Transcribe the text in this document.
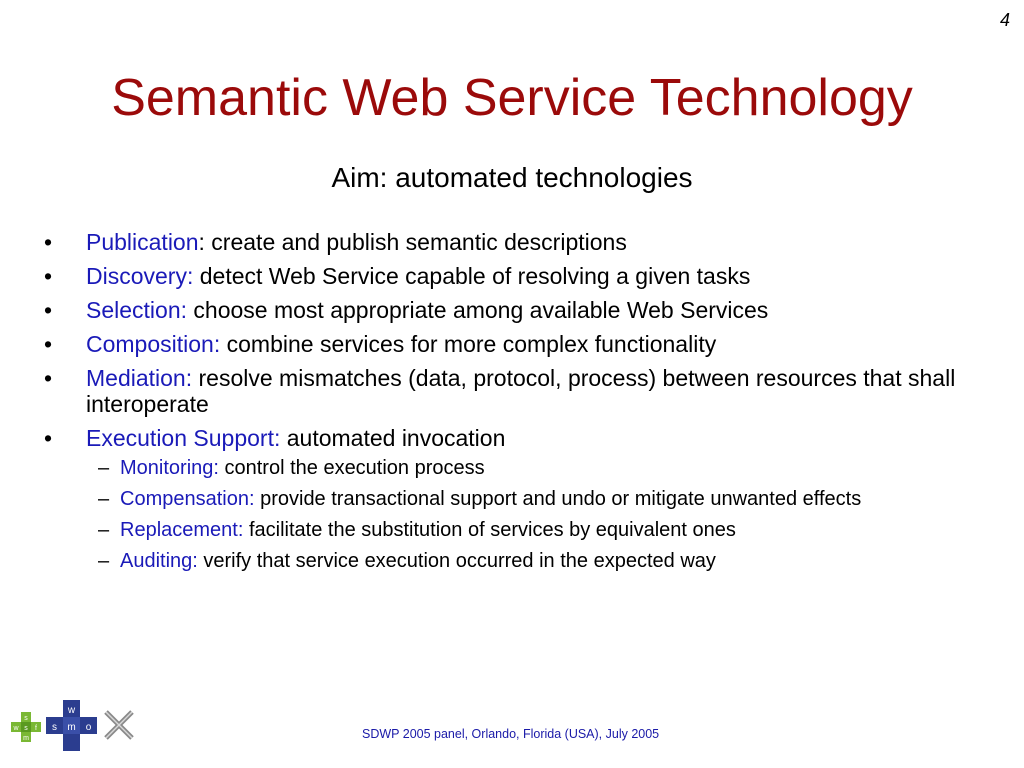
4
Semantic Web Service Technology
Aim: automated technologies
• Publication: create and publish semantic descriptions
• Discovery: detect Web Service capable of resolving a given tasks
• Selection: choose most appropriate among available Web Services
• Composition: combine services for more complex functionality
• Mediation: resolve mismatches (data, protocol, process) between resources that shall interoperate
• Execution Support: automated invocation
– Monitoring: control the execution process
– Compensation: provide transactional support and undo or mitigate unwanted effects
– Replacement: facilitate the substitution of services by equivalent ones
– Auditing: verify that service execution occurred in the expected way
s
w s f
m
w
s m o	SDWP 2005 panel, Orlando, Florida (USA), July 2005
